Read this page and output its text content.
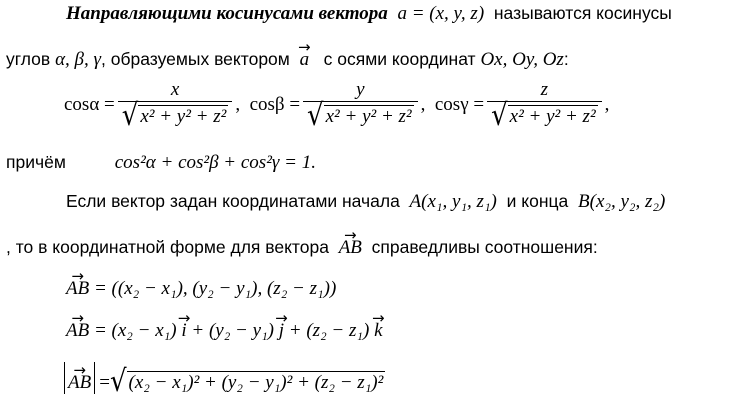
Направляющими косинусами вектора a = (x, y, z) называются косинусы
углов α, β, γ, образуемых вектором → a с осями координат Ox, Oy, Oz:
$\cos\alpha = \frac{x}{\text{√ x² + y² + z²}}$ ,
$\cos\beta = \frac{y}{\text{√ x² + y² + z²}}$ ,
$\cos\gamma = \frac{z}{\text{√ x² + y² + z²}}$ ,
причём	cos²α + cos²β + cos²γ = 1.
Если вектор задан координатами начала A(x₁, y₁, z₁) и конца B(x₂, y₂, z₂)
, то в координатной форме для вектора → AB справедливы соотношения:
→ AB = ((x₂ − x₁), (y₂ − y₁), (z₂ − z₁))
→ AB = (x₂ − x₁) → i + (y₂ − y₁) → j + (z₂ − z₁) → k
→ AB = √ (x₂ − x₁)² + (y₂ − y₁)² + (z₂ − z₁)²
